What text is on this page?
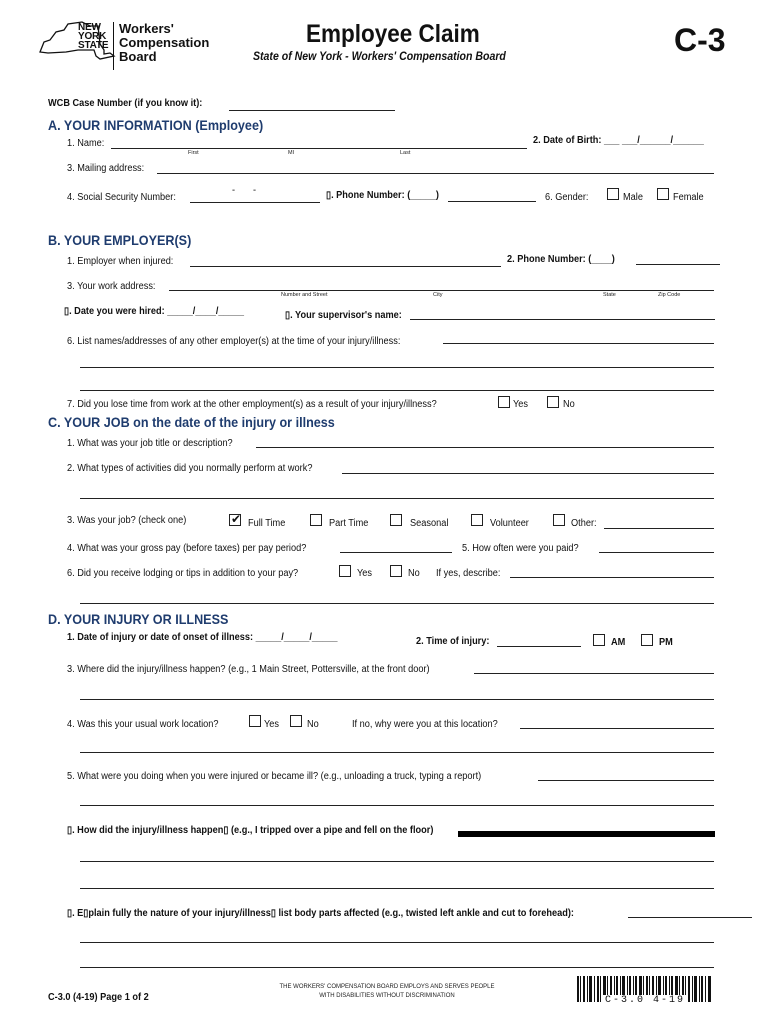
NEW
YORK
STATE
Workers'
Compensation
Board
Employee Claim
State of New York - Workers' Compensation Board	C-3
WCB Case Number (if you know it):
A. YOUR INFORMATION (Employee)
1. Name:
First	MI	Last
2. Date of Birth: ___ ___/______/______
3. Mailing address:
4. Social Security Number:
-       -	▯. Phone Number: (_____)	6. Gender:	Male	Female
B. YOUR EMPLOYER(S)
1. Employer when injured:	2. Phone Number: (____)
3. Your work address:
Number and Street	City	State	Zip Code
▯. Date you were hired: _____/____/_____	▯. Your supervisor's name:
6. List names/addresses of any other employer(s) at the time of your injury/illness:
7. Did you lose time from work at the other employment(s) as a result of your injury/illness?	Yes	No
C. YOUR JOB on the date of the injury or illness
1. What was your job title or description?
2. What types of activities did you normally perform at work?
3. Was your job? (check one)	✔ Full Time	Part Time	Seasonal	Volunteer	Other:
4. What was your gross pay (before taxes) per pay period?	5. How often were you paid?
6. Did you receive lodging or tips in addition to your pay?	Yes	No If yes, describe:
D. YOUR INJURY OR ILLNESS
1. Date of injury or date of onset of illness: _____/_____/_____	2. Time of injury:	AM	PM
3. Where did the injury/illness happen? (e.g., 1 Main Street, Pottersville, at the front door)
4. Was this your usual work location?	Yes	No	If no, why were you at this location?
5. What were you doing when you were injured or became ill? (e.g., unloading a truck, typing a report)
▯. How did the injury/illness happen▯ (e.g., I tripped over a pipe and fell on the floor)
▯. E▯plain fully the nature of your injury/illness▯ list body parts affected (e.g., twisted left ankle and cut to forehead):
C-3.0 (4-19) Page 1 of 2
THE WORKERS' COMPENSATION BOARD EMPLOYS AND SERVES PEOPLE
WITH DISABILITIES WITHOUT DISCRIMINATION	C-3.0 4-19
